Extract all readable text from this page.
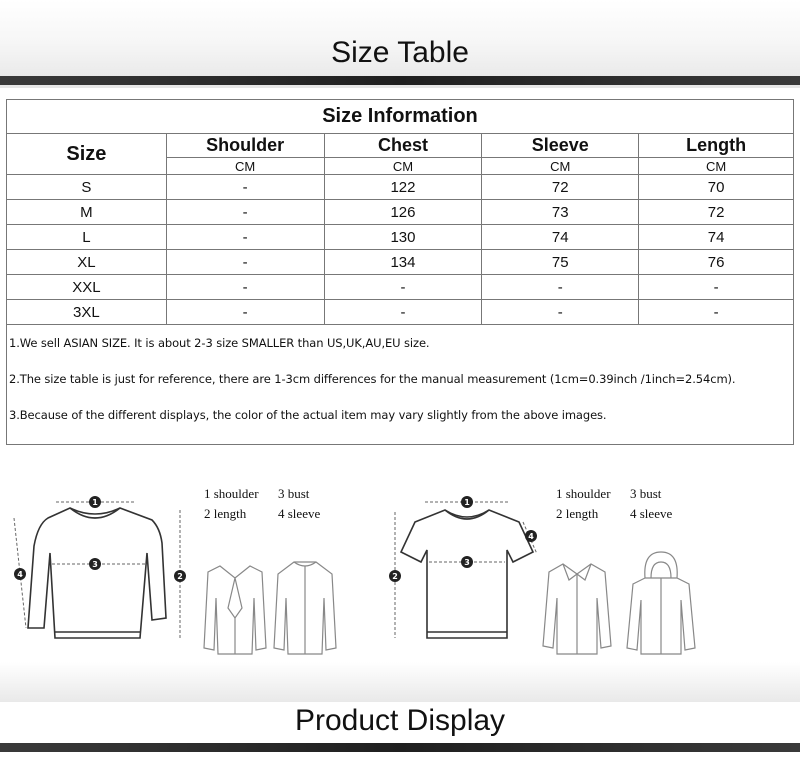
Size Table
Size Information				
Size	Shoulder	Chest	Sleeve	Length
	CM	CM	CM	CM
S	-	122	72	70
M	-	126	73	72
L	-	130	74	74
XL	-	134	75	76
XXL	-	-	-	-
3XL	-	-	-	-

1.We sell ASIAN SIZE. It is about 2-3 size SMALLER than US,UK,AU,EU size.

2.The size table is just for reference, there are 1-3cm differences for the manual measurement (1cm=0.39inch /1inch=2.54cm).

3.Because of the different displays, the color of the actual item may vary slightly from the above images.				

1
3
2
4
1 shoulder 3 bust
2 length 4 sleeve
1
3
2
4
1 shoulder 3 bust
2 length 4 sleeve
Product Display
